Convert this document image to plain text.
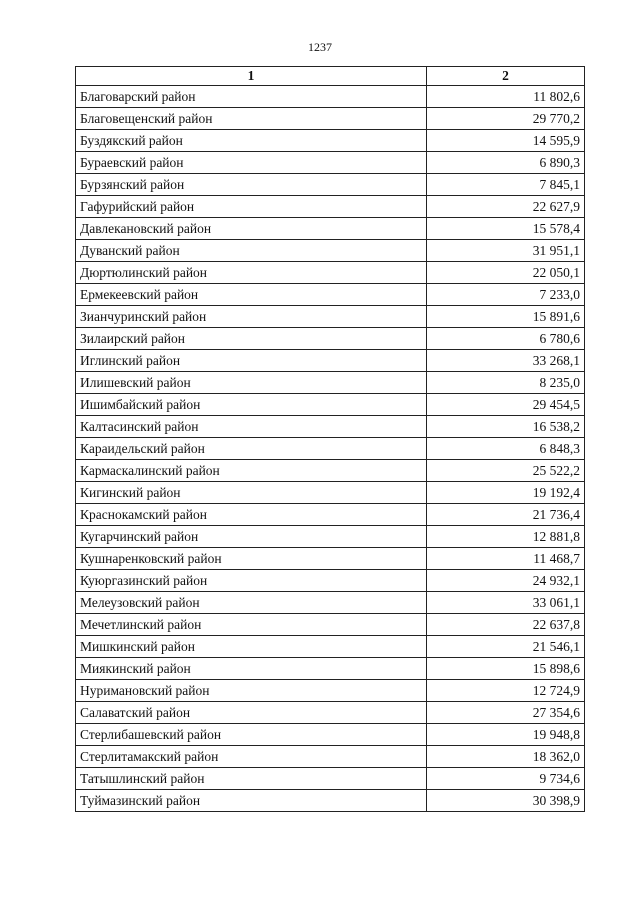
1237
1	2
Благоварский район	11 802,6
Благовещенский район	29 770,2
Буздякский район	14 595,9
Бураевский район	6 890,3
Бурзянский район	7 845,1
Гафурийский район	22 627,9
Давлекановский район	15 578,4
Дуванский район	31 951,1
Дюртюлинский район	22 050,1
Ермекеевский район	7 233,0
Зианчуринский район	15 891,6
Зилаирский район	6 780,6
Иглинский район	33 268,1
Илишевский район	8 235,0
Ишимбайский район	29 454,5
Калтасинский район	16 538,2
Караидельский район	6 848,3
Кармаскалинский район	25 522,2
Кигинский район	19 192,4
Краснокамский район	21 736,4
Кугарчинский район	12 881,8
Кушнаренковский район	11 468,7
Куюргазинский район	24 932,1
Мелеузовский район	33 061,1
Мечетлинский район	22 637,8
Мишкинский район	21 546,1
Миякинский район	15 898,6
Нуримановский район	12 724,9
Салаватский район	27 354,6
Стерлибашевский район	19 948,8
Стерлитамакский район	18 362,0
Татышлинский район	9 734,6
Туймазинский район	30 398,9
